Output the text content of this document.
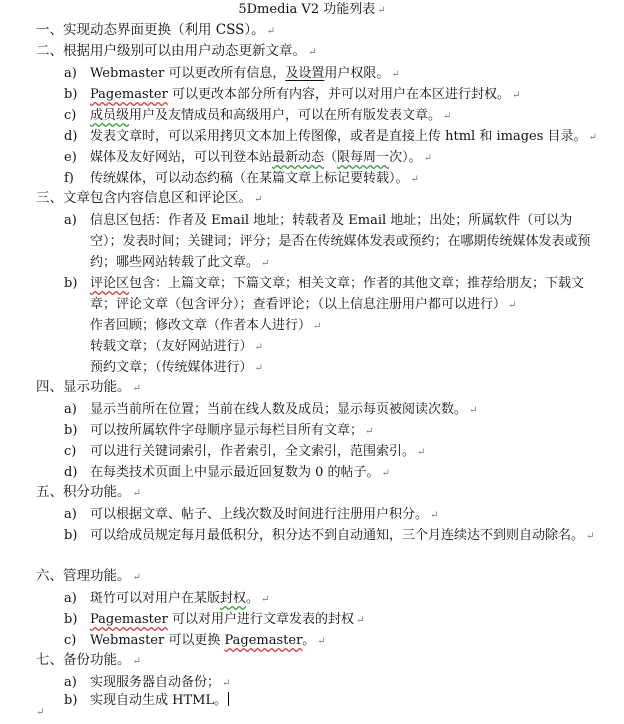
5Dmedia V2 功能列表 ↵
一、实现动态界面更换（利用 CSS）。 ↵
二、根据用户级别可以由用户动态更新文章。 ↵
a)	Webmaster 可以更改所有信息，及设置用户权限。 ↵
b) Pagemaster 可以更改本部分所有内容，并可以对用户在本区进行封权。 ↵
c)	成员级用户及友情成员和高级用户，可以在所有版发表文章。 ↵
d) 发表文章时，可以采用拷贝文本加上传图像，或者是直接上传 html 和 images 目录。 ↵
e)	媒体及友好网站，可以刊登本站最新动态（限每周一次）。 ↵
f)	传统媒体，可以动态约稿（在某篇文章上标记要转载）。 ↵
三、文章包含内容信息区和评论区。 ↵
a)	信息区包括：作者及 Email 地址；转载者及 Email 地址；出处；所属软件（可以为空）；发表时间；关键词；评分；是否在传统媒体发表或预约；在哪期传统媒体发表或预约；哪些网站转载了此文章。 ↵
b) 评论区包含：上篇文章；下篇文章；相关文章；作者的其他文章；推荐给朋友；下载文章；评论文章（包含评分）；查看评论；（以上信息注册用户都可以进行） ↵
作者回顾；修改文章（作者本人进行） ↵
转载文章；（友好网站进行） ↵
预约文章；（传统媒体进行） ↵
四、显示功能。 ↵
a)	显示当前所在位置；当前在线人数及成员；显示每页被阅读次数。 ↵
b) 可以按所属软件字母顺序显示每栏目所有文章； ↵
c)	可以进行关键词索引，作者索引，全文索引，范围索引。 ↵
d) 在每类技术页面上中显示最近回复数为 0 的帖子。 ↵
五、积分功能。 ↵
a)	可以根据文章、帖子、上线次数及时间进行注册用户积分。 ↵
b) 可以给成员规定每月最低积分，积分达不到自动通知，三个月连续达不到则自动除名。 ↵
六、管理功能。 ↵
a)	斑竹可以对用户在某版封权。 ↵
b) Pagemaster 可以对用户进行文章发表的封权 ↵
c)	Webmaster 可以更换 Pagemaster。 ↵
七、备份功能。 ↵
a)	实现服务器自动备份； ↵
b) 实现自动生成 HTML。
↵
